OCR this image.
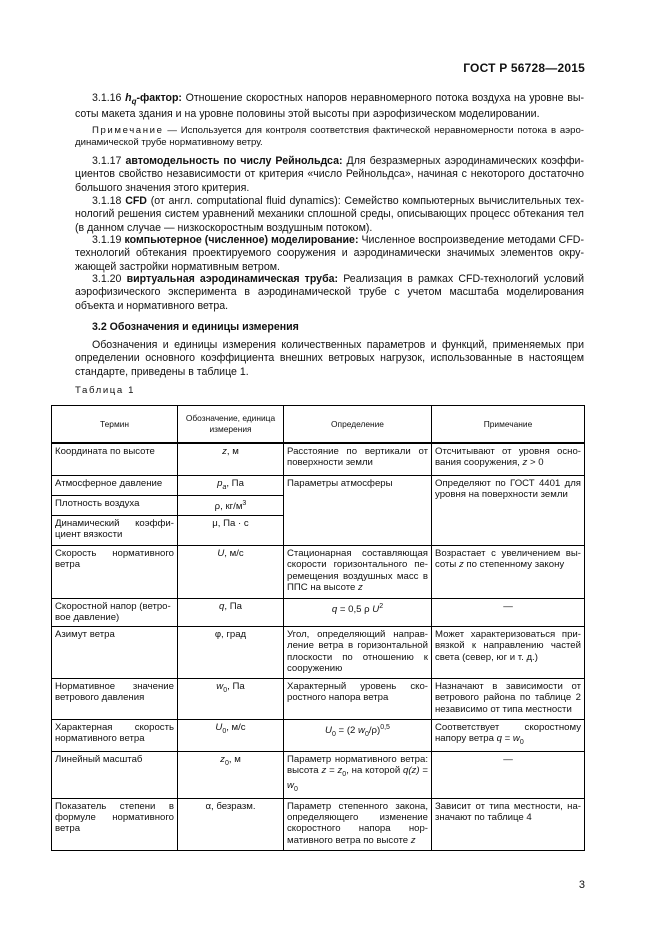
ГОСТ Р 56728—2015
3.1.16 $h_q$-фактор: Отношение скоростных напоров неравномерного потока воздуха на уровне высоты макета здания и на уровне половины этой высоты при аэрофизическом моделировании.
Примечание — Используется для контроля соответствия фактической неравномерности потока в аэродинамической трубе нормативному ветру.
3.1.17 автомодельность по числу Рейнольдса: Для безразмерных аэродинамических коэффициентов свойство независимости от критерия «число Рейнольдса», начиная с некоторого достаточно большого значения этого критерия.
3.1.18 CFD (от англ. computational fluid dynamics): Семейство компьютерных вычислительных технологий решения систем уравнений механики сплошной среды, описывающих процесс обтекания тел (в данном случае — низкоскоростным воздушным потоком).
3.1.19 компьютерное (численное) моделирование: Численное воспроизведение методами CFD-технологий обтекания проектируемого сооружения и аэродинамически значимых элементов окружающей застройки нормативным ветром.
3.1.20 виртуальная аэродинамическая труба: Реализация в рамках CFD-технологий условий аэрофизического эксперимента в аэродинамической трубе с учетом масштаба моделирования объекта и нормативного ветра.
3.2 Обозначения и единицы измерения
Обозначения и единицы измерения количественных параметров и функций, применяемых при определении основного коэффициента внешних ветровых нагрузок, использованные в настоящем стандарте, приведены в таблице 1.
Таблица 1
Термин	Обозначение, единица измерения	Определение	Примечание
Координата по высоте	z, м	Расстояние по вертикали от поверхности земли	Отсчитывают от уровня основания сооружения, z > 0
Атмосферное давление	$p_a$, Па	Параметры атмосферы	Определяют по ГОСТ 4401 для уровня на поверхности земли
Плотность воздуха	ρ, $кг/м^3$
Динамический коэффициент вязкости	μ, Па · с		
Скорость нормативного ветра	U, м/с	Стационарная составляющая скорости горизонтального перемещения воздушных масс в ППС на высоте z	Возрастает с увеличением высоты z по степенному закону
Скоростной напор (ветровое давление)	q, Па	q = 0,5 ρ $U^2$	—
Азимут ветра	φ, град	Угол, определяющий направление ветра в горизонтальной плоскости по отношению к сооружению	Может характеризоваться привязкой к направлению частей света (север, юг и т. д.)
Нормативное значение ветрового давления	$w_0$, Па	Характерный уровень скоростного напора ветра	Назначают в зависимости от ветрового района по таблице 2 независимо от типа местности
Характерная скорость нормативного ветра	$U_0$, м/с	$U_0 = (2$ $w_0/\rho)^{0,5}$	Соответствует скоростному напору ветра $q = w_0$
Линейный масштаб	$z_0$, м	Параметр нормативного ветра: высота $z = z_0$, на которой $q(z) = w_0$	—
Показатель степени в формуле нормативного ветра	α, безразм.	Параметр степенного закона, определяющего изменение скоростного напора нормативного ветра по высоте z	Зависит от типа местности, назначают по таблице 4
3
